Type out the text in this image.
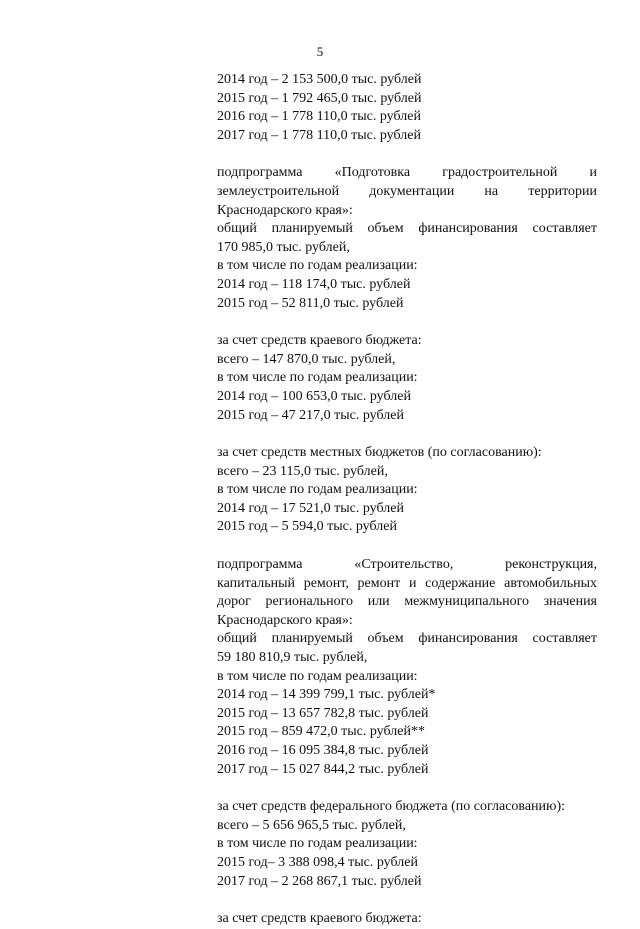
5
2014 год – 2 153 500,0 тыс. рублей
2015 год – 1 792 465,0 тыс. рублей
2016 год – 1 778 110,0 тыс. рублей
2017 год – 1 778 110,0 тыс. рублей
подпрограмма «Подготовка градостроительной и
землеустроительной документации на территории
Краснодарского края»:
общий планируемый объем финансирования составляет
170 985,0 тыс. рублей,
в том числе по годам реализации:
2014 год – 118 174,0 тыс. рублей
2015 год – 52 811,0 тыс. рублей
за счет средств краевого бюджета:
всего – 147 870,0 тыс. рублей,
в том числе по годам реализации:
2014 год – 100 653,0 тыс. рублей
2015 год – 47 217,0 тыс. рублей
за счет средств местных бюджетов (по согласованию):
всего – 23 115,0 тыс. рублей,
в том числе по годам реализации:
2014 год – 17 521,0 тыс. рублей
2015 год – 5 594,0 тыс. рублей
подпрограмма «Строительство, реконструкция,
капитальный ремонт, ремонт и содержание автомобильных
дорог регионального или межмуниципального значения
Краснодарского края»:
общий планируемый объем финансирования составляет
59 180 810,9 тыс. рублей,
в том числе по годам реализации:
2014 год – 14 399 799,1 тыс. рублей*
2015 год – 13 657 782,8 тыс. рублей
2015 год – 859 472,0 тыс. рублей**
2016 год – 16 095 384,8 тыс. рублей
2017 год – 15 027 844,2 тыс. рублей
за счет средств федерального бюджета (по согласованию):
всего – 5 656 965,5 тыс. рублей,
в том числе по годам реализации:
2015 год– 3 388 098,4 тыс. рублей
2017 год – 2 268 867,1 тыс. рублей
за счет средств краевого бюджета:
